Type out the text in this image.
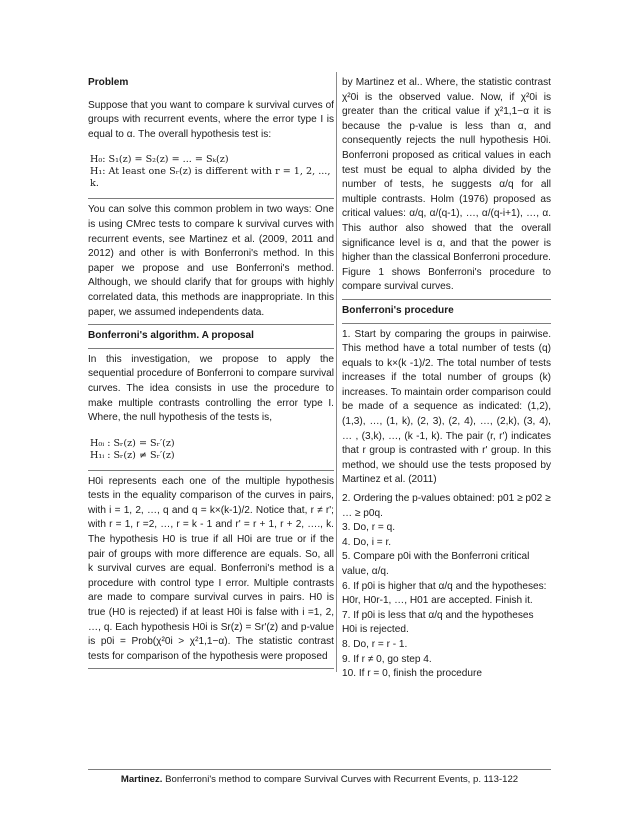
Problem
Suppose that you want to compare k survival curves of groups with recurrent events, where the error type I is equal to α. The overall hypothesis test is:
H₀: S₁(z) = S₂(z) = ... = Sₖ(z)
H₁: At least one Sᵣ(z) is different with r = 1, 2, ..., k.
You can solve this common problem in two ways: One is using CMrec tests to compare k survival curves with recurrent events, see Martinez et al. (2009, 2011 and 2012) and other is with Bonferroni's method. In this paper we propose and use Bonferroni's method. Although, we should clarify that for groups with highly correlated data, this methods are inappropriate. In this paper, we assumed independents data.
Bonferroni's algorithm. A proposal
In this investigation, we propose to apply the sequential procedure of Bonferroni to compare survival curves. The idea consists in use the procedure to make multiple contrasts controlling the error type I. Where, the null hypothesis of the tests is,
H₀ᵢ : Sᵣ(z) = Sᵣ′(z)
H₁ᵢ : Sᵣ(z) ≠ Sᵣ′(z)
H0i represents each one of the multiple hypothesis tests in the equality comparison of the curves in pairs, with i = 1, 2, …, q and q = k×(k-1)/2. Notice that, r ≠ r'; with r = 1, r =2, …, r = k - 1 and r' = r + 1, r + 2, …., k. The hypothesis H0 is true if all H0i are true or if the pair of groups with more difference are equals. So, all k survival curves are equal. Bonferroni's method is a procedure with control type I error. Multiple contrasts are made to compare survival curves in pairs. H0 is true (H0 is rejected) if at least H0i is false with i =1, 2, …, q. Each hypothesis H0i is Sr(z) = Sr'(z) and p-value is p0i = Prob(χ²0i > χ²1,1−α). The statistic contrast tests for comparison of the hypothesis were proposed
by Martinez et al.. Where, the statistic contrast χ²0i is the observed value. Now, if χ²0i is greater than the critical value if χ²1,1−α it is because the p-value is less than α, and consequently rejects the null hypothesis H0i. Bonferroni proposed as critical values in each test must be equal to alpha divided by the number of tests, he suggests α/q for all multiple contrasts. Holm (1976) proposed as critical values: α/q, α/(q-1), …, α/(q-i+1), …, α. This author also showed that the overall significance level is α, and that the power is higher than the classical Bonferroni procedure. Figure 1 shows Bonferroni's procedure to compare survival curves.
Bonferroni's procedure
1. Start by comparing the groups in pairwise. This method have a total number of tests (q) equals to k×(k -1)/2. The total number of tests increases if the total number of groups (k) increases. To maintain order comparison could be made of a sequence as indicated: (1,2), (1,3), …, (1, k), (2, 3), (2, 4), …, (2,k), (3, 4), … , (3,k), …, (k -1, k). The pair (r, r') indicates that r group is contrasted with r' group. In this method, we should use the tests proposed by Martinez et al. (2011)
2. Ordering the p-values obtained: p01 ≥ p02 ≥ … ≥ p0q.
3. Do, r = q.
4. Do, i = r.
5. Compare p0i with the Bonferroni critical value, α/q.
6. If p0i is higher that α/q and the hypotheses: H0r, H0r-1, …, H01 are accepted. Finish it.
7. If p0i is less that α/q and the hypotheses H0i is rejected.
8. Do, r = r - 1.
9. If r ≠ 0, go step 4.
10. If r = 0, finish the procedure
Martinez. Bonferroni's method to compare Survival Curves with Recurrent Events, p. 113-122
